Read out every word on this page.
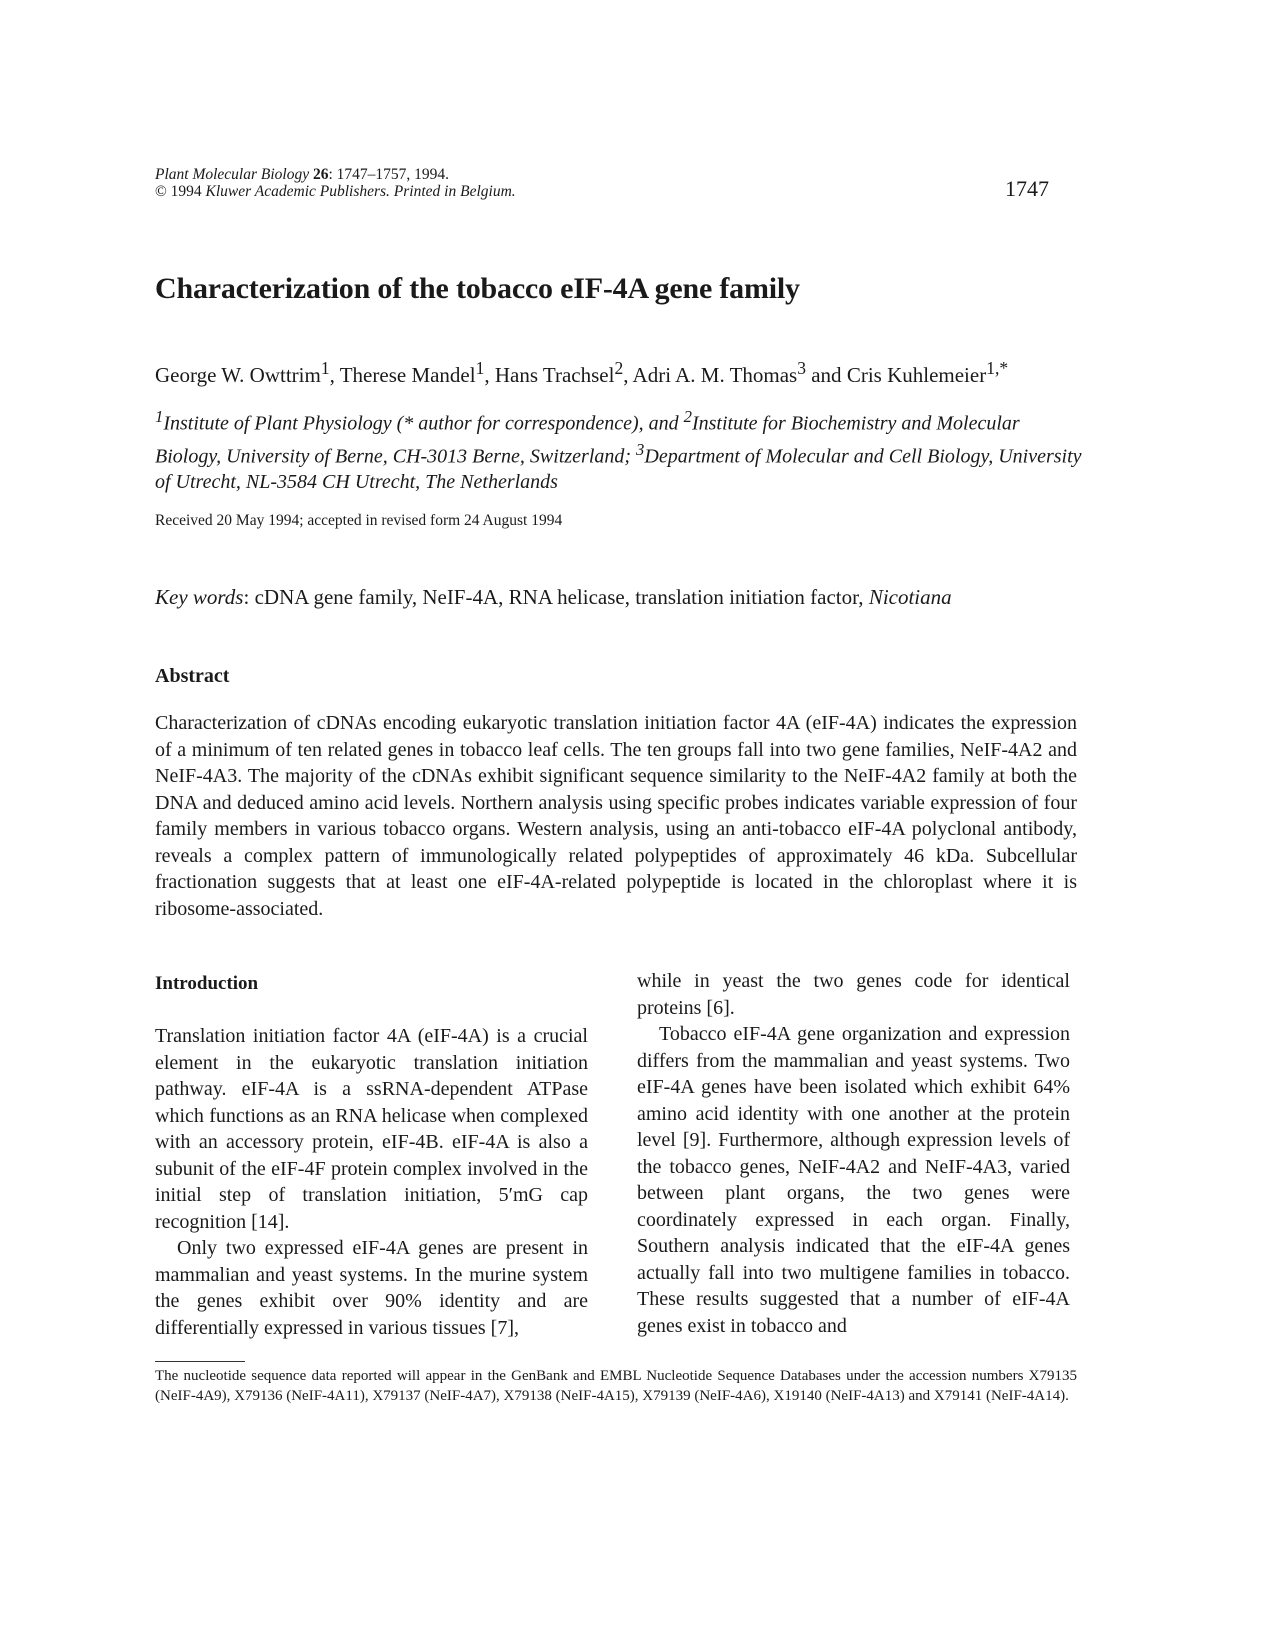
Plant Molecular Biology 26: 1747–1757, 1994.
© 1994 Kluwer Academic Publishers. Printed in Belgium.	1747
Characterization of the tobacco eIF-4A gene family
George W. Owttrim$^1$, Therese Mandel$^1$, Hans Trachsel$^2$, Adri A. M. Thomas$^3$ and Cris Kuhlemeier$^{1,*}$
$^1$Institute of Plant Physiology (* author for correspondence), and $^2$Institute for Biochemistry and Molecular Biology, University of Berne, CH-3013 Berne, Switzerland; $^3$Department of Molecular and Cell Biology, University of Utrecht, NL-3584 CH Utrecht, The Netherlands
Received 20 May 1994; accepted in revised form 24 August 1994
Key words: cDNA gene family, NeIF-4A, RNA helicase, translation initiation factor, Nicotiana
Abstract
Characterization of cDNAs encoding eukaryotic translation initiation factor 4A (eIF-4A) indicates the expression of a minimum of ten related genes in tobacco leaf cells. The ten groups fall into two gene families, NeIF-4A2 and NeIF-4A3. The majority of the cDNAs exhibit significant sequence similarity to the NeIF-4A2 family at both the DNA and deduced amino acid levels. Northern analysis using specific probes indicates variable expression of four family members in various tobacco organs. Western analysis, using an anti-tobacco eIF-4A polyclonal antibody, reveals a complex pattern of immunologically related polypeptides of approximately 46 kDa. Subcellular fractionation suggests that at least one eIF-4A-related polypeptide is located in the chloroplast where it is ribosome-associated.
Introduction

Translation initiation factor 4A (eIF-4A) is a crucial element in the eukaryotic translation initiation pathway. eIF-4A is a ssRNA-dependent ATPase which functions as an RNA helicase when complexed with an accessory protein, eIF-4B. eIF-4A is also a subunit of the eIF-4F protein complex involved in the initial step of translation initiation, 5′mG cap recognition [14].

Only two expressed eIF-4A genes are present in mammalian and yeast systems. In the murine system the genes exhibit over 90% identity and are differentially expressed in various tissues [7],

while in yeast the two genes code for identical proteins [6].

Tobacco eIF-4A gene organization and expression differs from the mammalian and yeast systems. Two eIF-4A genes have been isolated which exhibit 64% amino acid identity with one another at the protein level [9]. Furthermore, although expression levels of the tobacco genes, NeIF-4A2 and NeIF-4A3, varied between plant organs, the two genes were coordinately expressed in each organ. Finally, Southern analysis indicated that the eIF-4A genes actually fall into two multigene families in tobacco. These results suggested that a number of eIF-4A genes exist in tobacco and

The nucleotide sequence data reported will appear in the GenBank and EMBL Nucleotide Sequence Databases under the accession numbers X79135 (NeIF-4A9), X79136 (NeIF-4A11), X79137 (NeIF-4A7), X79138 (NeIF-4A15), X79139 (NeIF-4A6), X19140 (NeIF-4A13) and X79141 (NeIF-4A14).
